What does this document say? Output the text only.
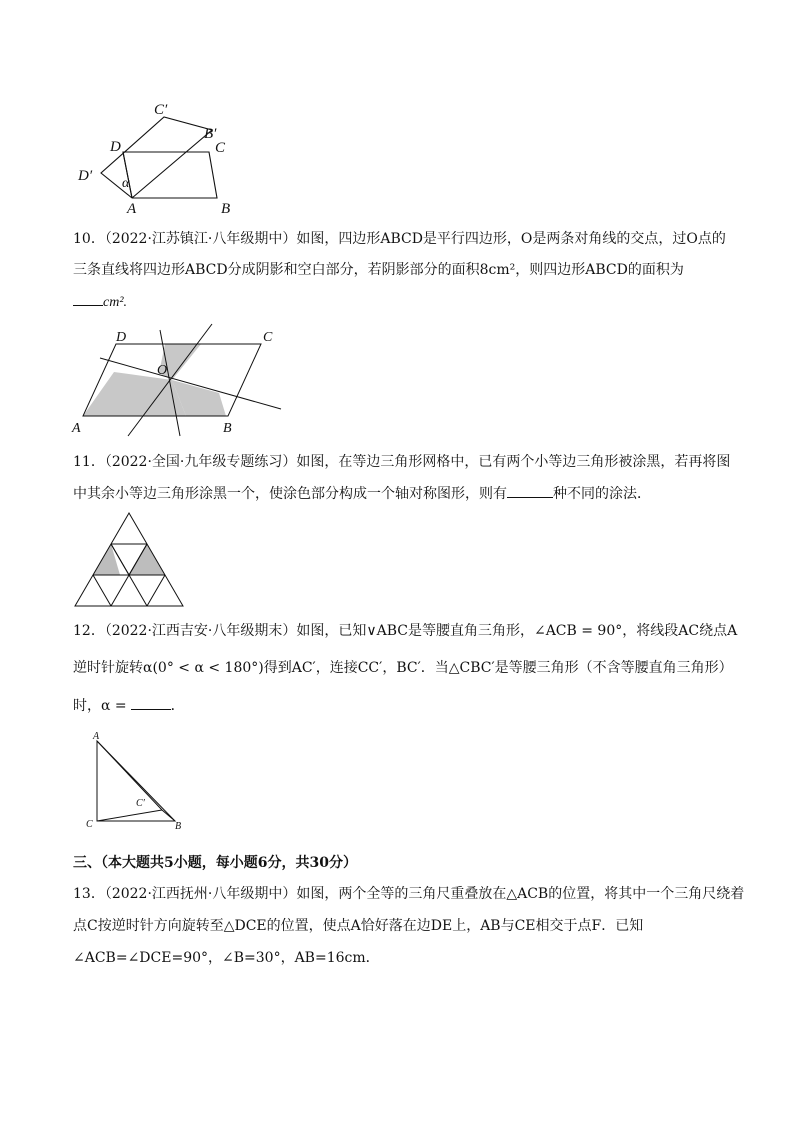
C′
B′
D	C
D′ α
A	B
10．（2022·江苏镇江·八年级期中）如图，四边形ABCD是平行四边形，O是两条对角线的交点，过O点的
三条直线将四边形ABCD分成阴影和空白部分，若阴影部分的面积8cm²，则四边形ABCD的面积为
cm².
D	C
O
A	B
11．（2022·全国·九年级专题练习）如图，在等边三角形网格中，已有两个小等边三角形被涂黑，若再将图
中其余小等边三角形涂黑一个，使涂色部分构成一个轴对称图形，则有	种不同的涂法．
12．（2022·江西吉安·八年级期末）如图，已知∨ABC是等腰直角三角形，∠ACB = 90°，将线段AC绕点A
逆时针旋转α(0° < α < 180°)得到AC′，连接CC′，BC′．当△CBC′是等腰三角形（不含等腰直角三角形）
时，α =	．
A
C′
C	B
三、（本大题共5小题，每小题6分，共30分）
13．（2022·江西抚州·八年级期中）如图，两个全等的三角尺重叠放在△ACB的位置，将其中一个三角尺绕着
点C按逆时针方向旋转至△DCE的位置，使点A恰好落在边DE上，AB与CE相交于点F．已知
∠ACB=∠DCE=90°，∠B=30°，AB=16cm．
